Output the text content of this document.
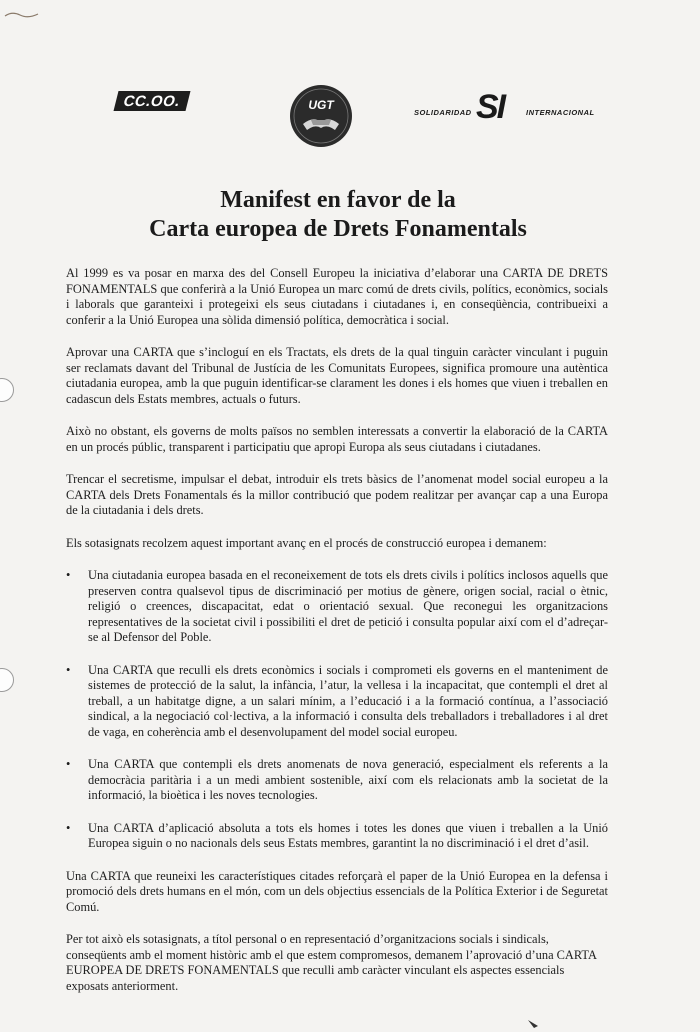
CC.OO.	UGT
SOLIDARIDAD SI	INTERNACIONAL
Manifest en favor de la
Carta europea de Drets Fonamentals

Al 1999 es va posar en marxa des del Consell Europeu la iniciativa d’elaborar una CARTA DE DRETS FONAMENTALS que conferirà a la Unió Europea un marc comú de drets civils, polítics, econòmics, socials i laborals que garanteixi i protegeixi els seus ciutadans i ciutadanes i, en conseqüència, contribueixi a conferir a la Unió Europea una sòlida dimensió política, democràtica i social.

Aprovar una CARTA que s’incloguí en els Tractats, els drets de la qual tinguin caràcter vinculant i puguin ser reclamats davant del Tribunal de Justícia de les Comunitats Europees, significa promoure una autèntica ciutadania europea, amb la que puguin identificar-se clarament les dones i els homes que viuen i treballen en cadascun dels Estats membres, actuals o futurs.

Això no obstant, els governs de molts països no semblen interessats a convertir la elaboració de la CARTA en un procés públic, transparent i participatiu que apropi Europa als seus ciutadans i ciutadanes.

Trencar el secretisme, impulsar el debat, introduir els trets bàsics de l’anomenat model social europeu a la CARTA dels Drets Fonamentals és la millor contribució que podem realitzar per avançar cap a una Europa de la ciutadania i dels drets.

Els sotasignats recolzem aquest important avanç en el procés de construcció europea i demanem:

• Una ciutadania europea basada en el reconeixement de tots els drets civils i polítics inclosos aquells que preserven contra qualsevol tipus de discriminació per motius de gènere, origen social, racial o ètnic, religió o creences, discapacitat, edat o orientació sexual. Que reconegui les organitzacions representatives de la societat civil i possibiliti el dret de petició i consulta popular així com el d’adreçar-se al Defensor del Poble.
• Una CARTA que reculli els drets econòmics i socials i comprometi els governs en el manteniment de sistemes de protecció de la salut, la infància, l’atur, la vellesa i la incapacitat, que contempli el dret al treball, a un habitatge digne, a un salari mínim, a l’educació i a la formació contínua, a l’associació sindical, a la negociació col·lectiva, a la informació i consulta dels treballadors i treballadores i al dret de vaga, en coherència amb el desenvolupament del model social europeu.
• Una CARTA que contempli els drets anomenats de nova generació, especialment els referents a la democràcia paritària i a un medi ambient sostenible, així com els relacionats amb la societat de la informació, la bioètica i les noves tecnologies.
• Una CARTA d’aplicació absoluta a tots els homes i totes les dones que viuen i treballen a la Unió Europea siguin o no nacionals dels seus Estats membres, garantint la no discriminació i el dret d’asil.

Una CARTA que reuneixi les característiques citades reforçarà el paper de la Unió Europea en la defensa i promoció dels drets humans en el món, com un dels objectius essencials de la Política Exterior i de Seguretat Comú.

Per tot això els sotasignats, a títol personal o en representació d’organitzacions socials i sindicals, conseqüents amb el moment històric amb el que estem compromesos, demanem l’aprovació d’una CARTA EUROPEA DE DRETS FONAMENTALS que reculli amb caràcter vinculant els aspectes essencials exposats anteriorment.
